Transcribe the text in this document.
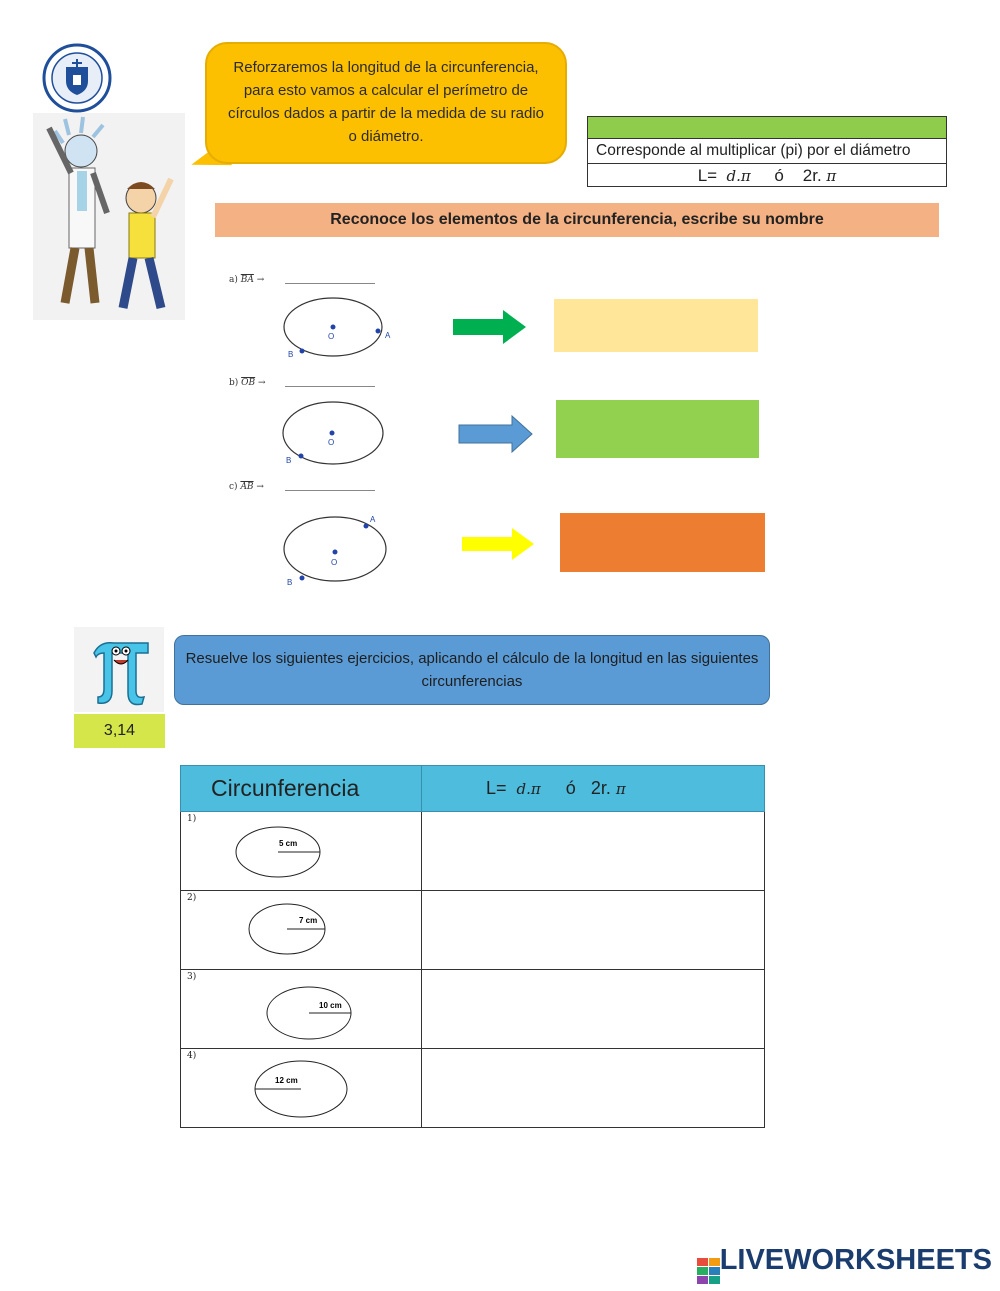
Reforzaremos la longitud de la circunferencia, para esto vamos a calcular el perímetro de círculos dados a partir de la medida de su radio o diámetro.
Corresponde al multiplicar (pi) por el diámetro
L= d.π ó 2r. π
Reconoce los elementos de la circunferencia, escribe su nombre
a) $\overline{BA}$ →
O	A
B
b) $\overline{OB}$ →
O
B
c) $\overline{AB}$ →
A
O
B
3,14
Resuelve los siguientes ejercicios, aplicando el cálculo de la longitud en las siguientes circunferencias
Circunferencia	L= d.π ó 2r. π

1)
5 cm	

2)
7 cm	

3)
10 cm	

4)
12 cm	

LIVEWORKSHEETS
